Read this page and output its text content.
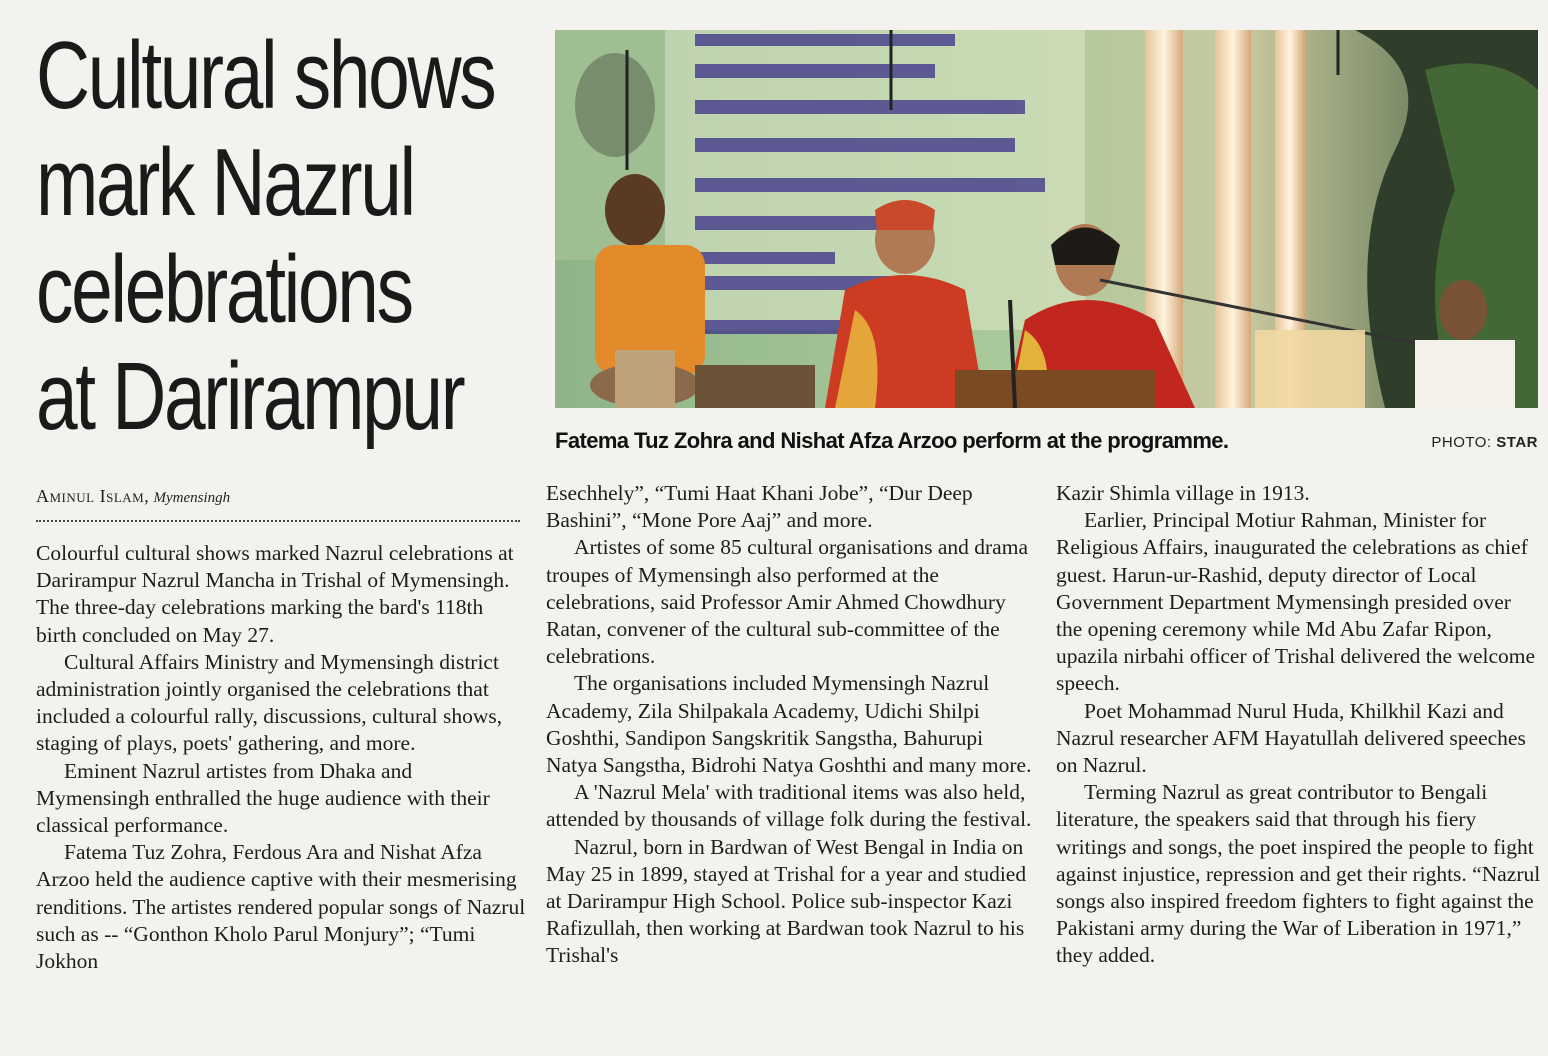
Cultural shows
mark Nazrul
celebrations
at Darirampur	Fatema Tuz Zohra and Nishat Afza Arzoo perform at the programme.	PHOTO: STAR
Aminul Islam, Mymensingh

Colourful cultural shows marked Nazrul celebrations at Darirampur Nazrul Mancha in Trishal of Mymensingh. The three-day celebrations marking the bard's 118th birth concluded on May 27.

Cultural Affairs Ministry and Mymensingh district administration jointly organised the celebrations that included a colourful rally, discussions, cultural shows, staging of plays, poets' gathering, and more.

Eminent Nazrul artistes from Dhaka and Mymensingh enthralled the huge audience with their classical performance.

Fatema Tuz Zohra, Ferdous Ara and Nishat Afza Arzoo held the audience captive with their mesmerising renditions. The artistes rendered popular songs of Nazrul such as -- “Gonthon Kholo Parul Monjury”; “Tumi Jokhon

Esechhely”, “Tumi Haat Khani Jobe”, “Dur Deep Bashini”, “Mone Pore Aaj” and more.

Artistes of some 85 cultural organisations and drama troupes of Mymensingh also performed at the celebrations, said Professor Amir Ahmed Chowdhury Ratan, convener of the cultural sub-committee of the celebrations.

The organisations included Mymensingh Nazrul Academy, Zila Shilpakala Academy, Udichi Shilpi Goshthi, Sandipon Sangskritik Sangstha, Bahurupi Natya Sangstha, Bidrohi Natya Goshthi and many more.

A 'Nazrul Mela' with traditional items was also held, attended by thousands of village folk during the festival.

Nazrul, born in Bardwan of West Bengal in India on May 25 in 1899, stayed at Trishal for a year and studied at Darirampur High School. Police sub-inspector Kazi Rafizullah, then working at Bardwan took Nazrul to his Trishal's

Kazir Shimla village in 1913.

Earlier, Principal Motiur Rahman, Minister for Religious Affairs, inaugurated the celebrations as chief guest. Harun-ur-Rashid, deputy director of Local Government Department Mymensingh presided over the opening ceremony while Md Abu Zafar Ripon, upazila nirbahi officer of Trishal delivered the welcome speech.

Poet Mohammad Nurul Huda, Khilkhil Kazi and Nazrul researcher AFM Hayatullah delivered speeches on Nazrul.

Terming Nazrul as great contributor to Bengali literature, the speakers said that through his fiery writings and songs, the poet inspired the people to fight against injustice, repression and get their rights. “Nazrul songs also inspired freedom fighters to fight against the Pakistani army during the War of Liberation in 1971,” they added.
